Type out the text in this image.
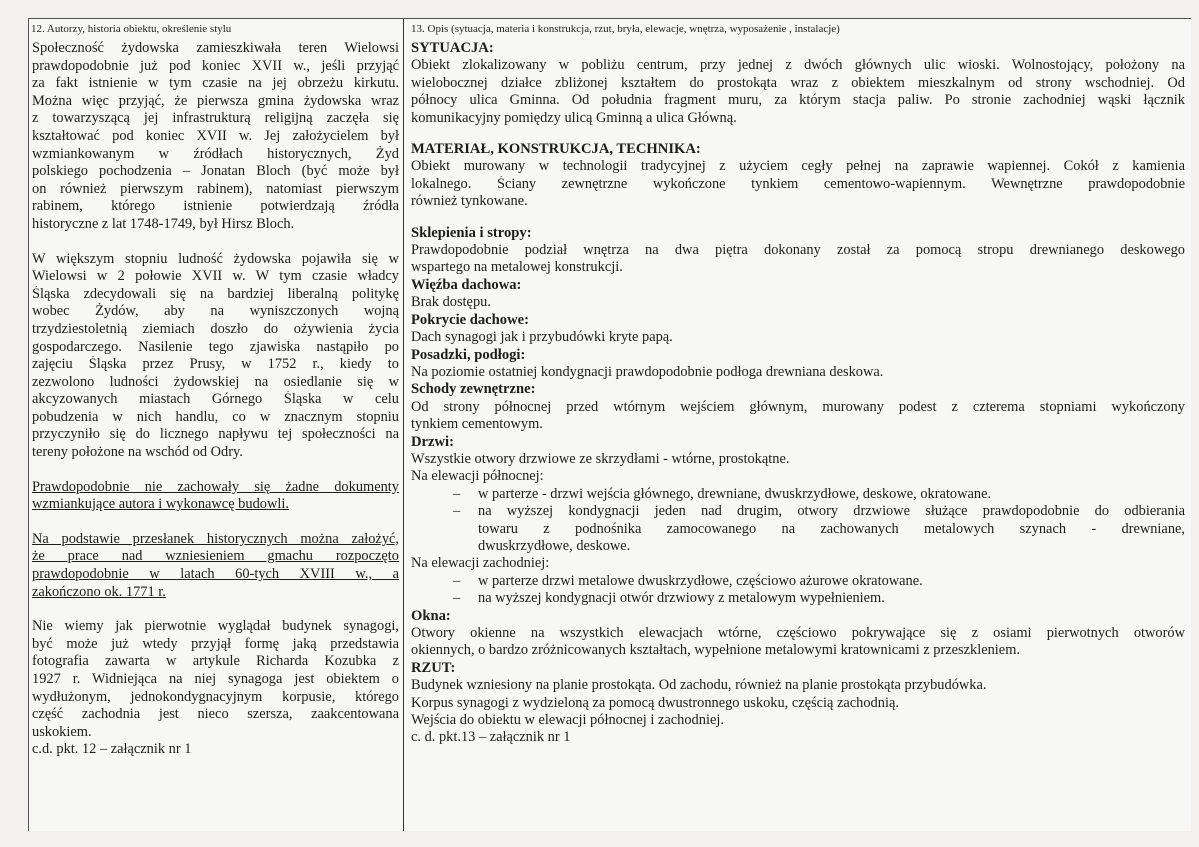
12. Autorzy, historia obiektu, określenie stylu
Społeczność żydowska zamieszkiwała teren Wielowsi
prawdopodobnie już pod koniec XVII w., jeśli przyjąć
za fakt istnienie w tym czasie na jej obrzeżu kirkutu.
Można więc przyjąć, że pierwsza gmina żydowska wraz
z towarzyszącą jej infrastrukturą religijną zaczęła się
kształtować pod koniec XVII w. Jej założycielem był
wzmiankowanym w źródłach historycznych, Żyd
polskiego pochodzenia – Jonatan Bloch (być może był
on również pierwszym rabinem), natomiast pierwszym
rabinem, którego istnienie potwierdzają źródła
historyczne z lat 1748-1749, był Hirsz Bloch.
W większym stopniu ludność żydowska pojawiła się w
Wielowsi w 2 połowie XVII w. W tym czasie władcy
Śląska zdecydowali się na bardziej liberalną politykę
wobec Żydów, aby na wyniszczonych wojną
trzydziestoletnią ziemiach doszło do ożywienia życia
gospodarczego. Nasilenie tego zjawiska nastąpiło po
zajęciu Śląska przez Prusy, w 1752 r., kiedy to
zezwolono ludności żydowskiej na osiedlanie się w
akcyzowanych miastach Górnego Śląska w celu
pobudzenia w nich handlu, co w znacznym stopniu
przyczyniło się do licznego napływu tej społeczności na
tereny położone na wschód od Odry.
Prawdopodobnie nie zachowały się żadne dokumenty
wzmiankujące autora i wykonawcę budowli.
Na podstawie przesłanek historycznych można założyć,
że prace nad wzniesieniem gmachu rozpoczęto
prawdopodobnie w latach 60-tych XVIII w., a
zakończono ok. 1771 r.
Nie wiemy jak pierwotnie wyglądał budynek synagogi,
być może już wtedy przyjął formę jaką przedstawia
fotografia zawarta w artykule Richarda Kozubka z
1927 r. Widniejąca na niej synagoga jest obiektem o
wydłużonym, jednokondygnacyjnym korpusie, którego
część zachodnia jest nieco szersza, zaakcentowana
uskokiem.

c.d. pkt. 12 – załącznik nr 1

13. Opis (sytuacja, materia i konstrukcja, rzut, bryła, elewacje, wnętrza, wyposażenie , instalacje)
SYTUACJA:
Obiekt zlokalizowany w pobliżu centrum, przy jednej z dwóch głównych ulic wioski. Wolnostojący, położony na
wielobocznej działce zbliżonej kształtem do prostokąta wraz z obiektem mieszkalnym od strony wschodniej. Od
północy ulica Gminna. Od południa fragment muru, za którym stacja paliw. Po stronie zachodniej wąski łącznik
komunikacyjny pomiędzy ulicą Gminną a ulica Główną.
MATERIAŁ, KONSTRUKCJA, TECHNIKA:
Obiekt murowany w technologii tradycyjnej z użyciem cegły pełnej na zaprawie wapiennej. Cokół z kamienia
lokalnego. Ściany zewnętrzne wykończone tynkiem cementowo-wapiennym. Wewnętrzne prawdopodobnie
również tynkowane.
Sklepienia i stropy:
Prawdopodobnie podział wnętrza na dwa piętra dokonany został za pomocą stropu drewnianego deskowego
wspartego na metalowej konstrukcji.
Więźba dachowa:
Brak dostępu.
Pokrycie dachowe:
Dach synagogi jak i przybudówki kryte papą.
Posadzki, podłogi:
Na poziomie ostatniej kondygnacji prawdopodobnie podłoga drewniana deskowa.
Schody zewnętrzne:
Od strony północnej przed wtórnym wejściem głównym, murowany podest z czterema stopniami wykończony
tynkiem cementowym.
Drzwi:
Wszystkie otwory drzwiowe ze skrzydłami - wtórne, prostokątne.
Na elewacji północnej:
– w parterze - drzwi wejścia głównego, drewniane, dwuskrzydłowe, deskowe, okratowane.
– na wyższej kondygnacji jeden nad drugim, otwory drzwiowe służące prawdopodobnie do odbierania
towaru z podnośnika zamocowanego na zachowanych metalowych szynach - drewniane,
dwuskrzydłowe, deskowe.
Na elewacji zachodniej:
– w parterze drzwi metalowe dwuskrzydłowe, częściowo ażurowe okratowane.
– na wyższej kondygnacji otwór drzwiowy z metalowym wypełnieniem.
Okna:
Otwory okienne na wszystkich elewacjach wtórne, częściowo pokrywające się z osiami pierwotnych otworów
okiennych, o bardzo zróżnicowanych kształtach, wypełnione metalowymi kratownicami z przeszkleniem.
RZUT:
Budynek wzniesiony na planie prostokąta. Od zachodu, również na planie prostokąta przybudówka.
Korpus synagogi z wydzieloną za pomocą dwustronnego uskoku, częścią zachodnią.
Wejścia do obiektu w elewacji północnej i zachodniej.
c. d. pkt.13 – załącznik nr 1
